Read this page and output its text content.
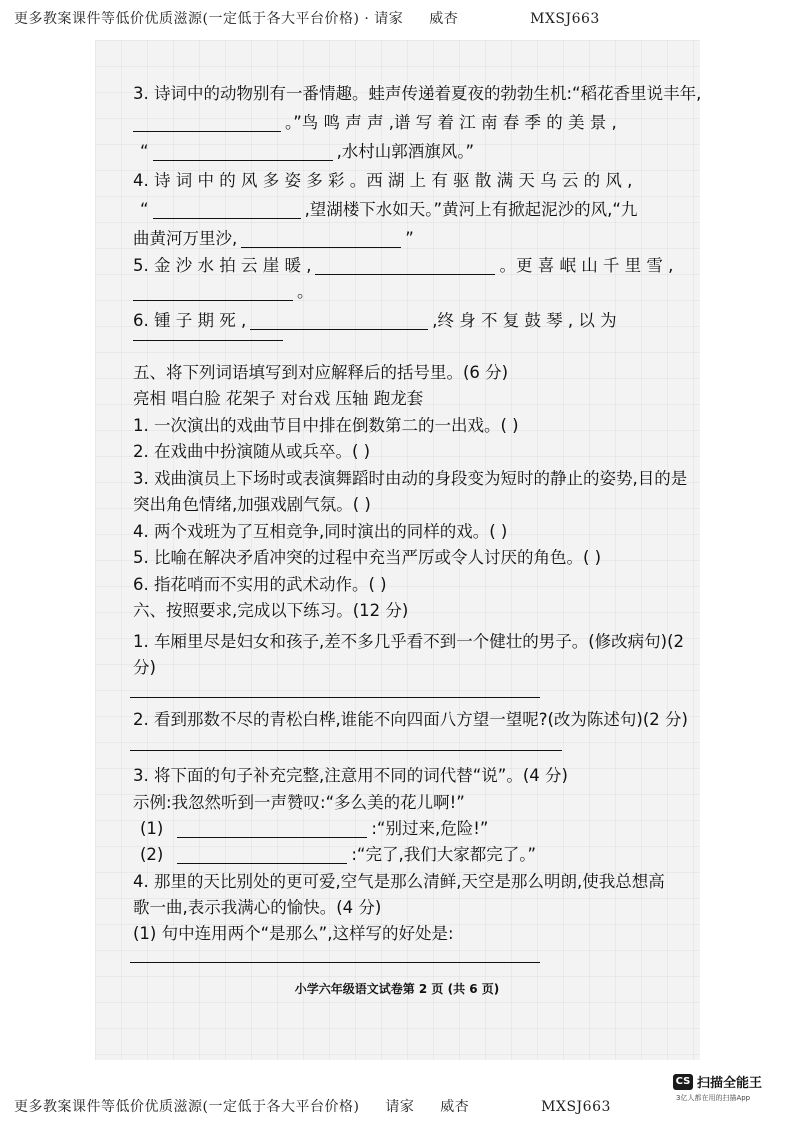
更多教案课件等低价优质滋源(一定低于各大平台价格) · 请家 威杏	MXSJ663
3. 诗词中的动物别有一番情趣。蛙声传递着夏夜的勃勃生机:“稻花香里说丰年,
。”鸟 鸣 声 声 ,谱 写 着 江 南 春 季 的 美 景 ,
“	,水村山郭酒旗风。”
4. 诗 词 中 的 风 多 姿 多 彩 。西 湖 上 有 驱 散 满 天 乌 云 的 风 ,
“	,望湖楼下水如天。”黄河上有掀起泥沙的风,“九
曲黄河万里沙,	”
5. 金 沙 水 拍 云 崖 暖 ,	。更 喜 岷 山 千 里 雪 ,
。
6. 锺 子 期 死 ,	,终 身 不 复 鼓 琴 , 以 为
五、将下列词语填写到对应解释后的括号里。(6 分)
亮相 唱白脸 花架子 对台戏 压轴 跑龙套
1. 一次演出的戏曲节目中排在倒数第二的一出戏。( )
2. 在戏曲中扮演随从或兵卒。( )
3. 戏曲演员上下场时或表演舞蹈时由动的身段变为短时的静止的姿势,目的是
突出角色情绪,加强戏剧气氛。( )
4. 两个戏班为了互相竞争,同时演出的同样的戏。( )
5. 比喻在解决矛盾冲突的过程中充当严厉或令人讨厌的角色。( )
6. 指花哨而不实用的武术动作。( )
六、按照要求,完成以下练习。(12 分)
1. 车厢里尽是妇女和孩子,差不多几乎看不到一个健壮的男子。(修改病句)(2
分)
2. 看到那数不尽的青松白桦,谁能不向四面八方望一望呢?(改为陈述句)(2 分)
3. 将下面的句子补充完整,注意用不同的词代替“说”。(4 分)
示例:我忽然听到一声赞叹:“多么美的花儿啊!”
(1)	:“别过来,危险!”
(2)	:“完了,我们大家都完了。”
4. 那里的天比别处的更可爱,空气是那么清鲜,天空是那么明朗,使我总想高
歌一曲,表示我满心的愉快。(4 分)
(1) 句中连用两个“是那么”,这样写的好处是:
小学六年级语文试卷第 2 页 (共 6 页)
更多教案课件等低价优质滋源(一定低于各大平台价格) 请家 威杏	MXSJ663
CS 扫描全能王
3亿人都在用的扫描App
